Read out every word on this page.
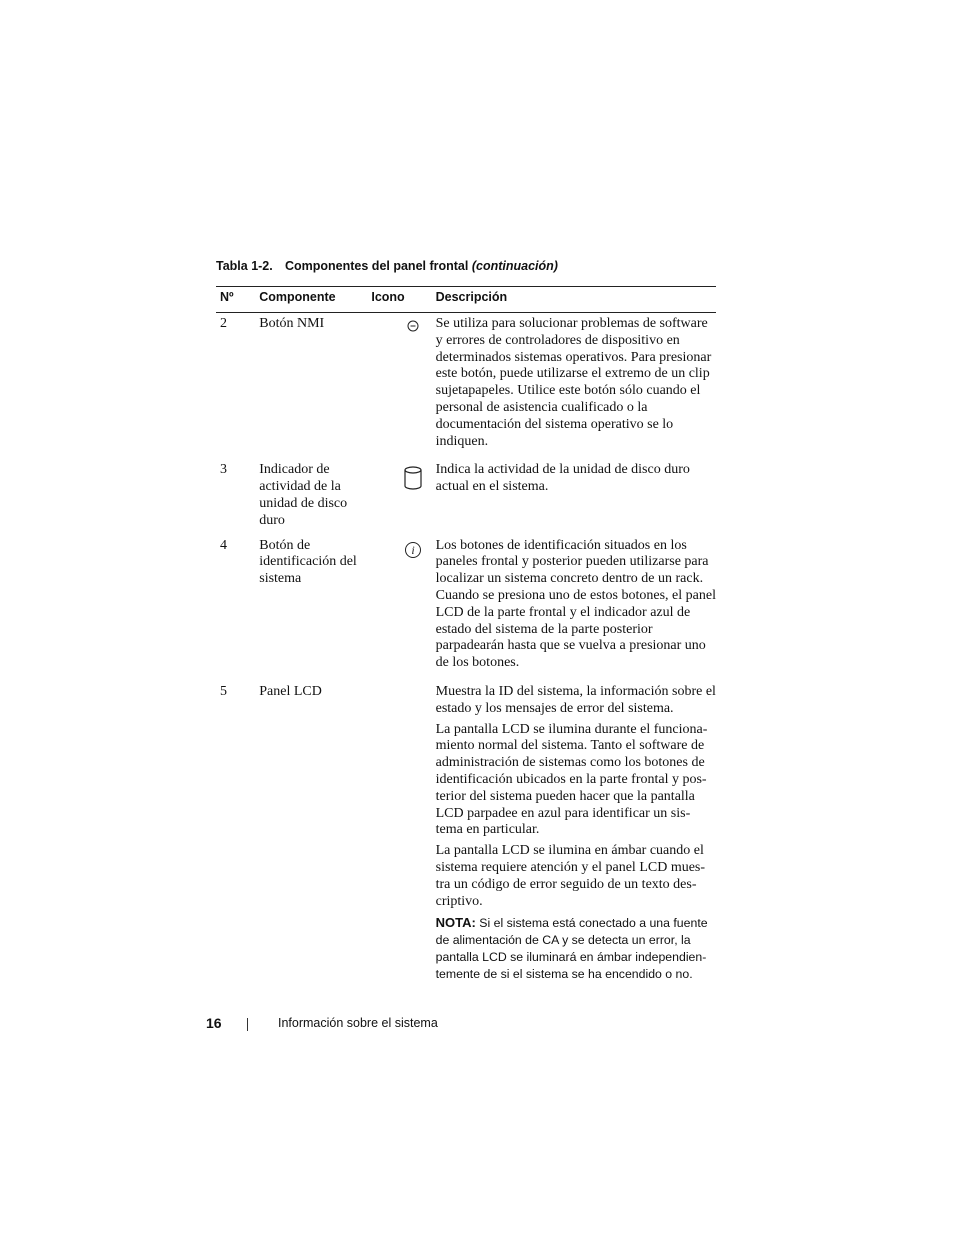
Tabla 1-2. Componentes del panel frontal (continuación)
Nº	Componente	Icono	Descripción
2	Botón NMI		Se utiliza para solucionar problemas de software y errores de controladores de dispositivo en determinados sistemas operativos. Para presionar este botón, puede utilizarse el extremo de un clip sujetapapeles. Utilice este botón sólo cuando el personal de asistencia cualificado o la documentación del sistema operativo se lo indiquen.

3	Indicador de actividad de la unidad de disco duro		Indica la actividad de la unidad de disco duro actual en el sistema.

4	Botón de identificación del sistema	i	Los botones de identificación situados en los paneles frontal y posterior pueden utilizarse para localizar un sistema concreto dentro de un rack. Cuando se presiona uno de estos botones, el panel LCD de la parte frontal y el indicador azul de estado del sistema de la parte posterior parpadearán hasta que se vuelva a presionar uno de los botones.

5	Panel LCD		Muestra la ID del sistema, la información sobre el estado y los mensajes de error del sistema.

La pantalla LCD se ilumina durante el funciona-miento normal del sistema. Tanto el software de administración de sistemas como los botones de identificación ubicados en la parte frontal y pos-terior del sistema pueden hacer que la pantalla LCD parpadee en azul para identificar un sis-tema en particular.

La pantalla LCD se ilumina en ámbar cuando el sistema requiere atención y el panel LCD mues-tra un código de error seguido de un texto des-criptivo.

NOTA: Si el sistema está conectado a una fuente de alimentación de CA y se detecta un error, la pantalla LCD se iluminará en ámbar independien-temente de si el sistema se ha encendido o no.
16	Información sobre el sistema
